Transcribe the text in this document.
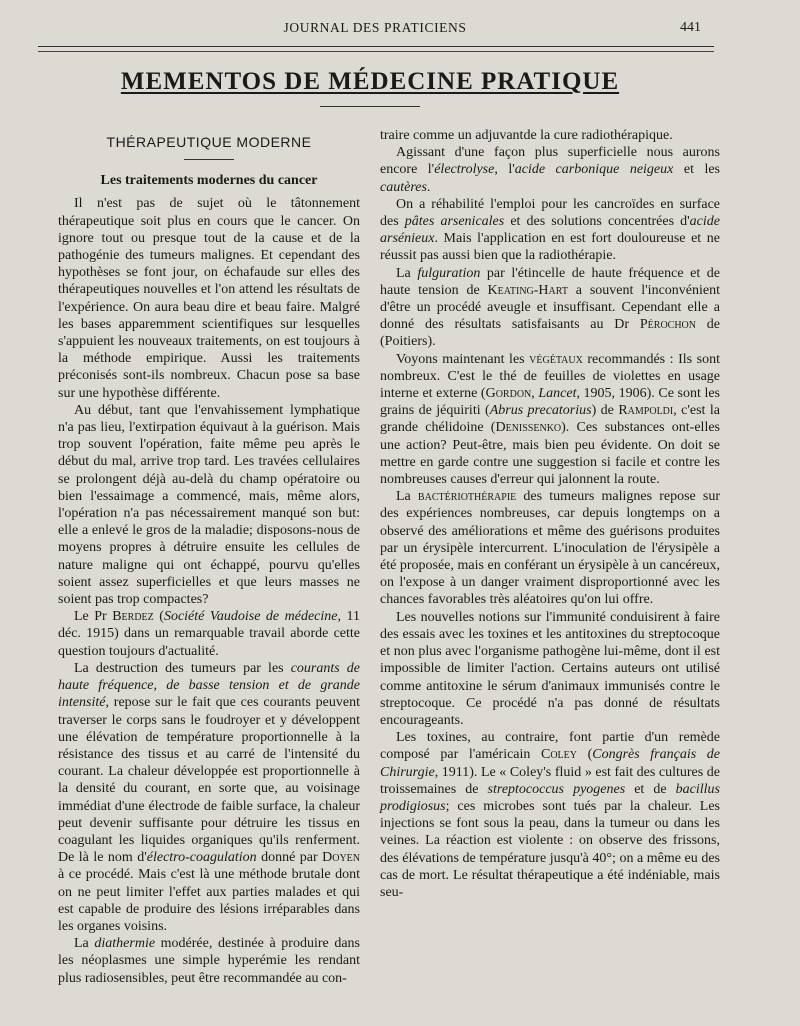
JOURNAL DES PRATICIENS	441
MEMENTOS DE MÉDECINE PRATIQUE
THÉRAPEUTIQUE MODERNE
Les traitements modernes du cancer

Il n'est pas de sujet où le tâtonnement thérapeutique soit plus en cours que le cancer. On ignore tout ou presque tout de la cause et de la pathogénie des tumeurs malignes. Et cependant des hypothèses se font jour, on échafaude sur elles des thérapeutiques nouvelles et l'on attend les résultats de l'expérience. On aura beau dire et beau faire. Malgré les bases apparemment scientifiques sur lesquelles s'appuient les nouveaux traitements, on est toujours à la méthode empirique. Aussi les traitements préconisés sont-ils nombreux. Chacun pose sa base sur une hypothèse différente.

Au début, tant que l'envahissement lymphatique n'a pas lieu, l'extirpation équivaut à la guérison. Mais trop souvent l'opération, faite même peu après le début du mal, arrive trop tard. Les travées cellulaires se prolongent déjà au-delà du champ opératoire ou bien l'essaimage a commencé, mais, même alors, l'opération n'a pas nécessairement manqué son but: elle a enlevé le gros de la maladie; disposons-nous de moyens propres à détruire ensuite les cellules de nature maligne qui ont échappé, pourvu qu'elles soient assez superficielles et que leurs masses ne soient pas trop compactes?

Le Pr Berdez (Société Vaudoise de médecine, 11 déc. 1915) dans un remarquable travail aborde cette question toujours d'actualité.

La destruction des tumeurs par les courants de haute fréquence, de basse tension et de grande intensité, repose sur le fait que ces courants peuvent traverser le corps sans le foudroyer et y développent une élévation de température proportionnelle à la résistance des tissus et au carré de l'intensité du courant. La chaleur développée est proportionnelle à la densité du courant, en sorte que, au voisinage immédiat d'une électrode de faible surface, la chaleur peut devenir suffisante pour détruire les tissus en coagulant les liquides organiques qu'ils renferment. De là le nom d'électro-coagulation donné par Doyen à ce procédé. Mais c'est là une méthode brutale dont on ne peut limiter l'effet aux parties malades et qui est capable de produire des lésions irréparables dans les organes voisins.

La diathermie modérée, destinée à produire dans les néoplasmes une simple hyperémie les rendant plus radiosensibles, peut être recommandée au con-

traire comme un adjuvantde la cure radiothérapique.

Agissant d'une façon plus superficielle nous aurons encore l'électrolyse, l'acide carbonique neigeux et les cautères.

On a réhabilité l'emploi pour les cancroïdes en surface des pâtes arsenicales et des solutions concentrées d'acide arsénieux. Mais l'application en est fort douloureuse et ne réussit pas aussi bien que la radiothérapie.

La fulguration par l'étincelle de haute fréquence et de haute tension de Keating-Hart a souvent l'inconvénient d'être un procédé aveugle et insuffisant. Cependant elle a donné des résultats satisfaisants au Dr Pérochon de (Poitiers).

Voyons maintenant les végétaux recommandés : Ils sont nombreux. C'est le thé de feuilles de violettes en usage interne et externe (Gordon, Lancet, 1905, 1906). Ce sont les grains de jéquiriti (Abrus precatorius) de Rampoldi, c'est la grande chélidoine (Denissenko). Ces substances ont-elles une action? Peut-être, mais bien peu évidente. On doit se mettre en garde contre une suggestion si facile et contre les nombreuses causes d'erreur qui jalonnent la route.

La bactériothérapie des tumeurs malignes repose sur des expériences nombreuses, car depuis longtemps on a observé des améliorations et même des guérisons produites par un érysipèle intercurrent. L'inoculation de l'érysipèle a été proposée, mais en conférant un érysipèle à un cancéreux, on l'expose à un danger vraiment disproportionné avec les chances favorables très aléatoires qu'on lui offre.

Les nouvelles notions sur l'immunité conduisirent à faire des essais avec les toxines et les antitoxines du streptocoque et non plus avec l'organisme pathogène lui-même, dont il est impossible de limiter l'action. Certains auteurs ont utilisé comme antitoxine le sérum d'animaux immunisés contre le streptocoque. Ce procédé n'a pas donné de résultats encourageants.

Les toxines, au contraire, font partie d'un remède composé par l'américain Coley (Congrès français de Chirurgie, 1911). Le « Coley's fluid » est fait des cultures de troissemaines de streptococcus pyogenes et de bacillus prodigiosus; ces microbes sont tués par la chaleur. Les injections se font sous la peau, dans la tumeur ou dans les veines. La réaction est violente : on observe des frissons, des élévations de température jusqu'à 40°; on a même eu des cas de mort. Le résultat thérapeutique a été indéniable, mais seu-
